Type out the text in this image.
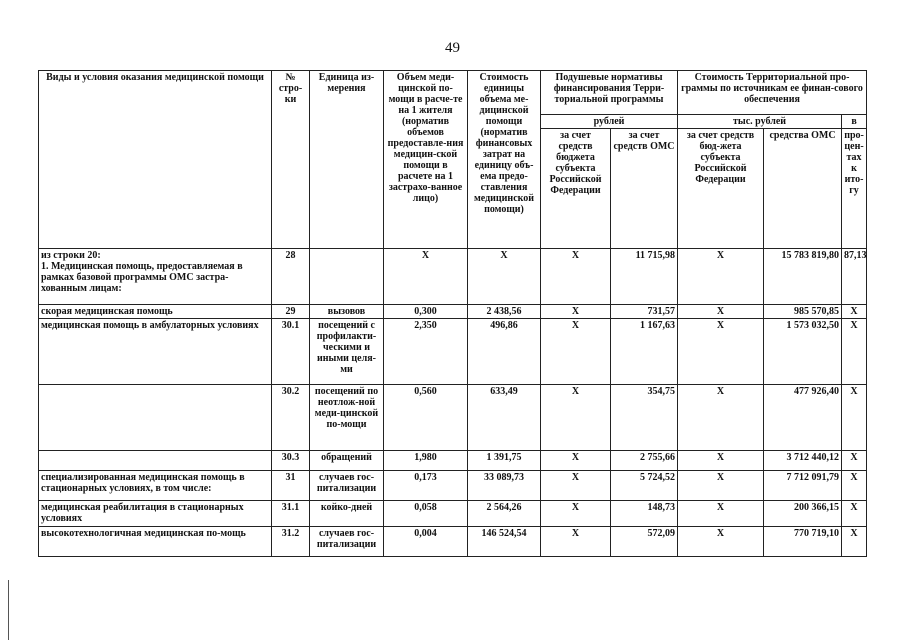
49
Виды и условия оказания медицинской помощи	№ стро-ки	Единица из-мерения	Объем меди-цинской по-мощи в расче-те на 1 жителя (норматив объемов предоставле-ния медицин-ской помощи в расчете на 1 застрахо-ванное лицо)	Стоимость единицы объема ме-дицинской помощи (норматив финансовых затрат на единицу объ-ема предо-ставления медицинской помощи)	Подушевые нормативы финансирования Терри-ториальной программы		Стоимость Территориальной про-граммы по источникам ее финан-сового обеспечения		
					рублей		тыс. рублей		в
					за счет средств бюджета субъекта Российской Федерации	за счет средств ОМС	за счет средств бюд-жета субъекта Российской Федерации	средства ОМС	про-цен-тах к ито-гу
из строки 20:
1. Медицинская помощь, предоставляемая в рамках базовой программы ОМС застра-хованным лицам:	28		X	X	X	11 715,98	X	15 783 819,80	87,13
скорая медицинская помощь	29	вызовов	0,300	2 438,56	X	731,57	X	985 570,85	X
медицинская помощь в амбулаторных условиях	30.1	посещений с профилакти-ческими и иными целя-ми	2,350	496,86	X	1 167,63	X	1 573 032,50	X
	30.2	посещений по неотлож-ной меди-цинской по-мощи	0,560	633,49	X	354,75	X	477 926,40	X
	30.3	обращений	1,980	1 391,75	X	2 755,66	X	3 712 440,12	X
специализированная медицинская помощь в стационарных условиях, в том числе:	31	случаев гос-питализации	0,173	33 089,73	X	5 724,52	X	7 712 091,79	X
медицинская реабилитация в стационарных условиях	31.1	койко-дней	0,058	2 564,26	X	148,73	X	200 366,15	X
высокотехнологичная медицинская по-мощь	31.2	случаев гос-питализации	0,004	146 524,54	X	572,09	X	770 719,10	X
